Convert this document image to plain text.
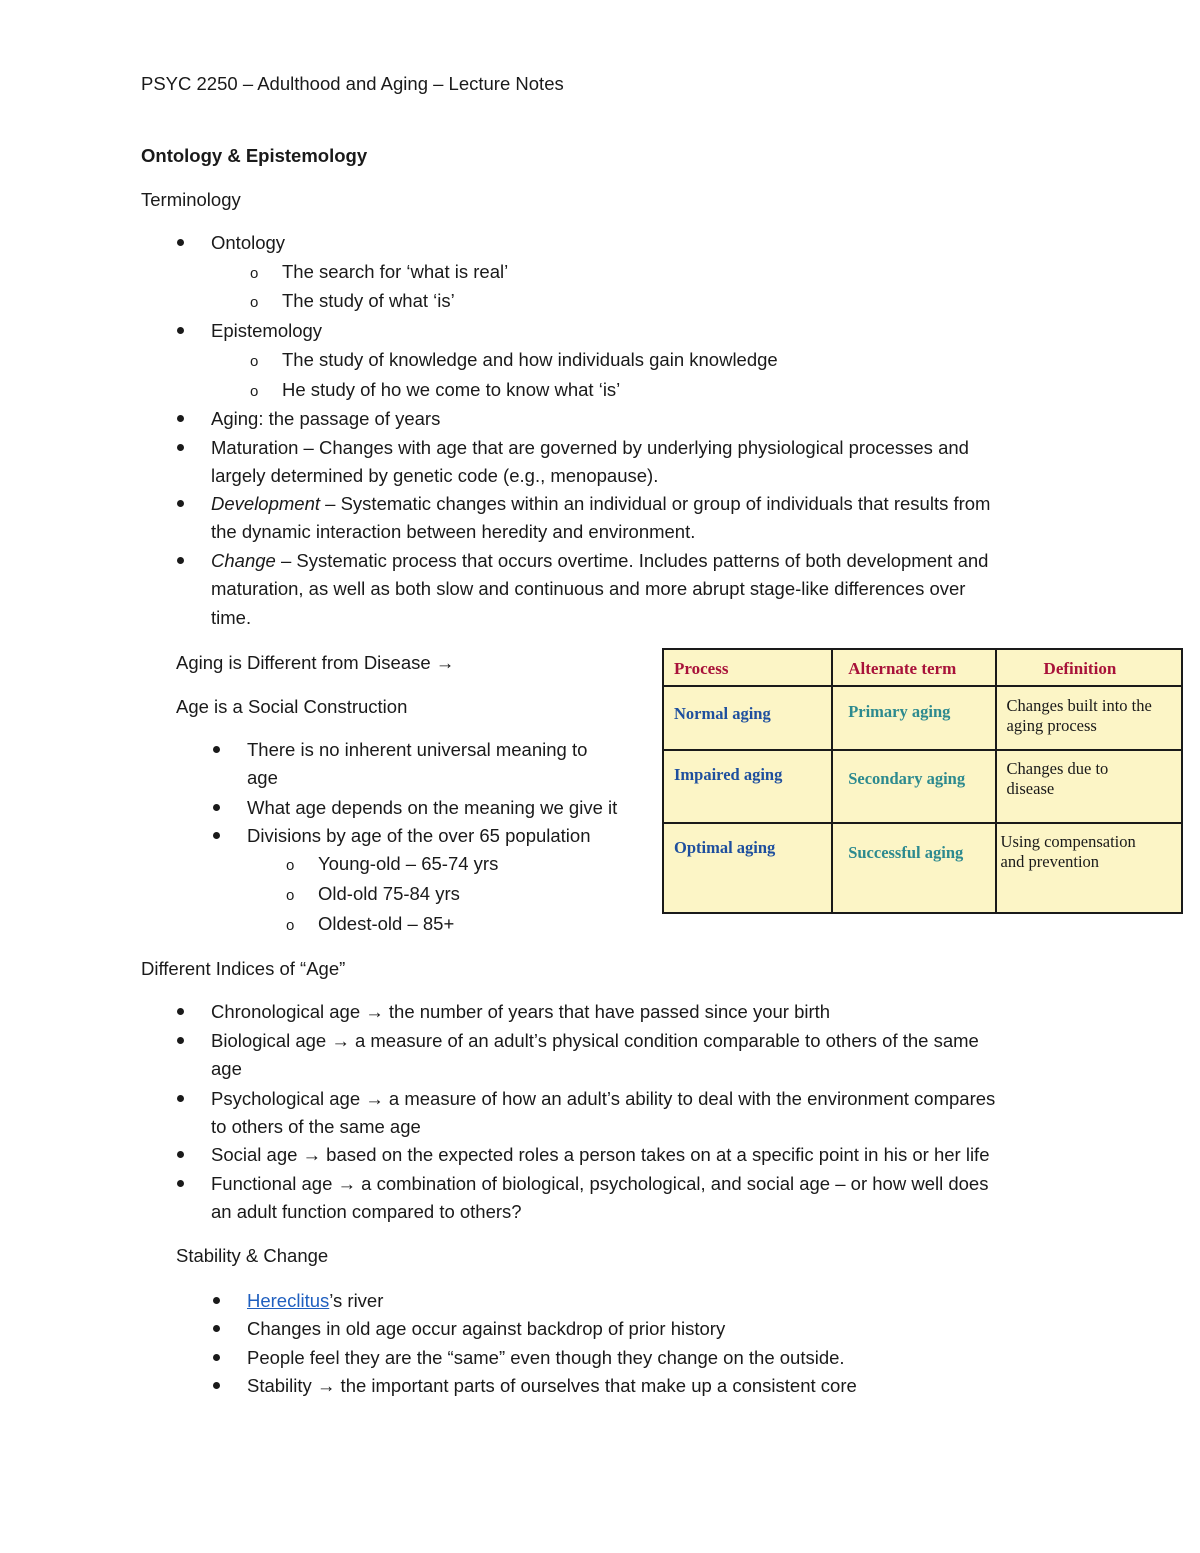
PSYC 2250 – Adulthood and Aging – Lecture Notes
Ontology & Epistemology
Terminology
Ontology
o The search for ‘what is real’
o The study of what ‘is’
Epistemology
o The study of knowledge and how individuals gain knowledge
o He study of ho we come to know what ‘is’
Aging: the passage of years
Maturation – Changes with age that are governed by underlying physiological processes and
largely determined by genetic code (e.g., menopause).
Development – Systematic changes within an individual or group of individuals that results from
the dynamic interaction between heredity and environment.
Change – Systematic process that occurs overtime. Includes patterns of both development and
maturation, as well as both slow and continuous and more abrupt stage-like differences over
time.
Aging is Different from Disease →
Age is a Social Construction
There is no inherent universal meaning to
age
What age depends on the meaning we give it
Divisions by age of the over 65 population
o Young-old – 65-74 yrs
o Old-old 75-84 yrs
o Oldest-old – 85+
Process	Alternate term	Definition

Normal aging	Primary aging	Changes built into the
aging process

Impaired aging	Secondary aging	Changes due to
disease

Optimal aging	Successful aging	Using compensation
and prevention
Different Indices of “Age”
Chronological age → the number of years that have passed since your birth
Biological age → a measure of an adult’s physical condition comparable to others of the same
age
Psychological age → a measure of how an adult’s ability to deal with the environment compares
to others of the same age
Social age → based on the expected roles a person takes on at a specific point in his or her life
Functional age → a combination of biological, psychological, and social age – or how well does
an adult function compared to others?
Stability & Change
Hereclitus’s river
Changes in old age occur against backdrop of prior history
People feel they are the “same” even though they change on the outside.
Stability → the important parts of ourselves that make up a consistent core
